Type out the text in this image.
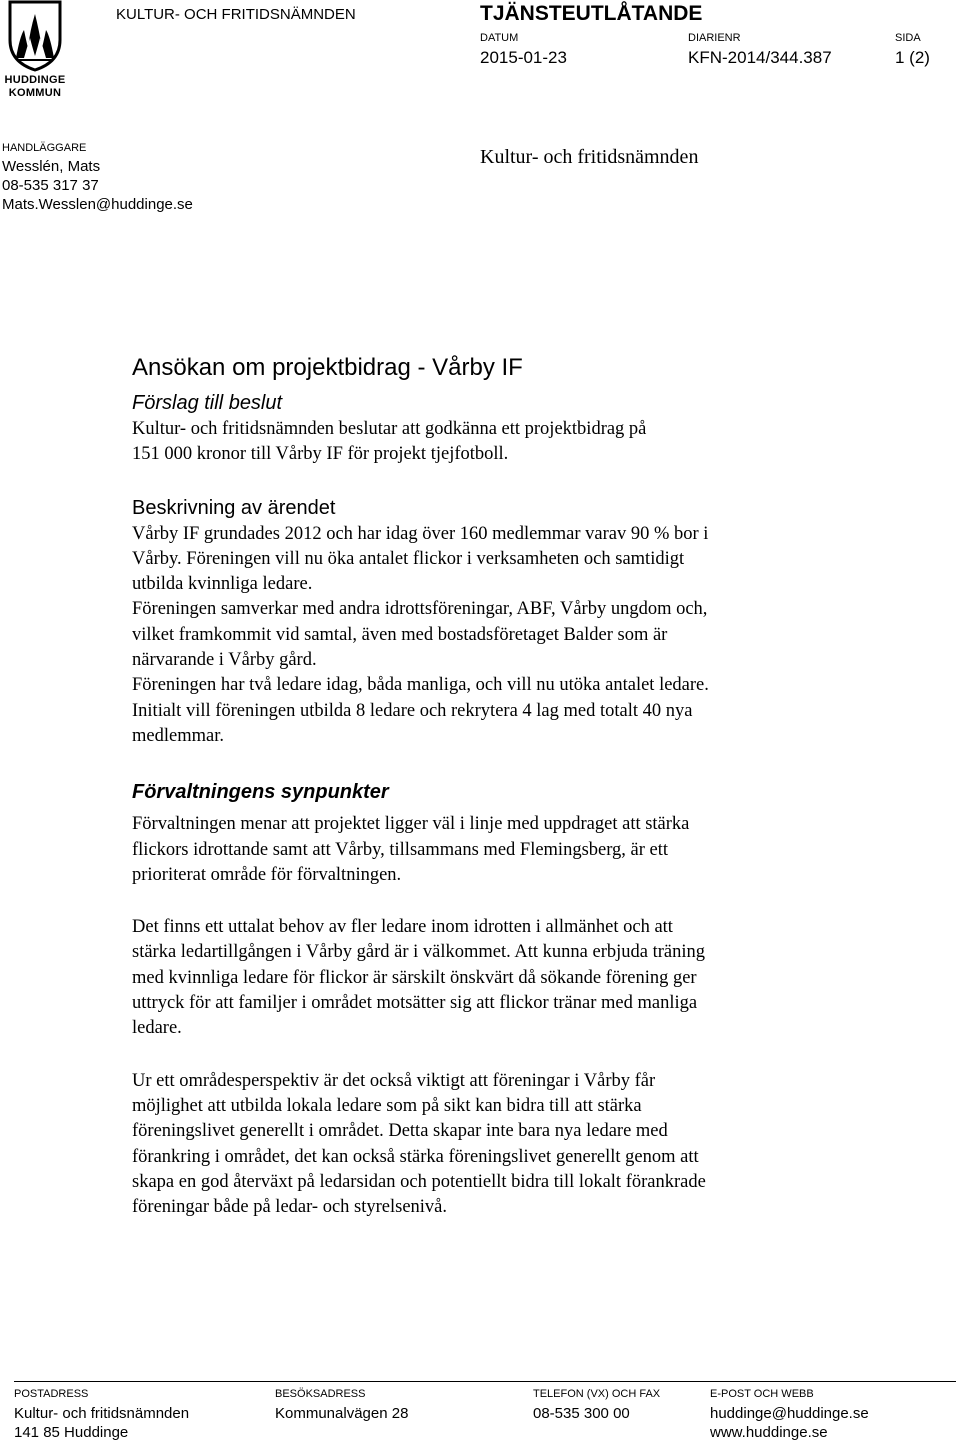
HUDDINGE
KOMMUN
KULTUR- OCH FRITIDSNÄMNDEN	TJÄNSTEUTLÅTANDE
DATUM
2015-01-23
DIARIENR
KFN-2014/344.387
SIDA
1 (2)
HANDLÄGGARE
Wesslén, Mats
08-535 317 37
Mats.Wesslen@huddinge.se
Kultur- och fritidsnämnden
Ansökan om projektbidrag - Vårby IF
Förslag till beslut

Kultur- och fritidsnämnden beslutar att godkänna ett projektbidrag på

151 000 kronor till Vårby IF för projekt tjejfotboll.

Beskrivning av ärendet

Vårby IF grundades 2012 och har idag över 160 medlemmar varav 90 % bor i

Vårby. Föreningen vill nu öka antalet flickor i verksamheten och samtidigt

utbilda kvinnliga ledare.

Föreningen samverkar med andra idrottsföreningar, ABF, Vårby ungdom och,

vilket framkommit vid samtal, även med bostadsföretaget Balder som är

närvarande i Vårby gård.

Föreningen har två ledare idag, båda manliga, och vill nu utöka antalet ledare.

Initialt vill föreningen utbilda 8 ledare och rekrytera 4 lag med totalt 40 nya

medlemmar.

Förvaltningens synpunkter

Förvaltningen menar att projektet ligger väl i linje med uppdraget att stärka

flickors idrottande samt att Vårby, tillsammans med Flemingsberg, är ett

prioriterat område för förvaltningen.

Det finns ett uttalat behov av fler ledare inom idrotten i allmänhet och att

stärka ledartillgången i Vårby gård är i välkommet. Att kunna erbjuda träning

med kvinnliga ledare för flickor är särskilt önskvärt då sökande förening ger

uttryck för att familjer i området motsätter sig att flickor tränar med manliga

ledare.

Ur ett områdesperspektiv är det också viktigt att föreningar i Vårby får

möjlighet att utbilda lokala ledare som på sikt kan bidra till att stärka

föreningslivet generellt i området. Detta skapar inte bara nya ledare med

förankring i området, det kan också stärka föreningslivet generellt genom att

skapa en god återväxt på ledarsidan och potentiellt bidra till lokalt förankrade

föreningar både på ledar- och styrelsenivå.

POSTADRESS
Kultur- och fritidsnämnden
141 85 Huddinge
BESÖKSADRESS
Kommunalvägen 28
TELEFON (VX) OCH FAX
08-535 300 00
E-POST OCH WEBB
huddinge@huddinge.se
www.huddinge.se
